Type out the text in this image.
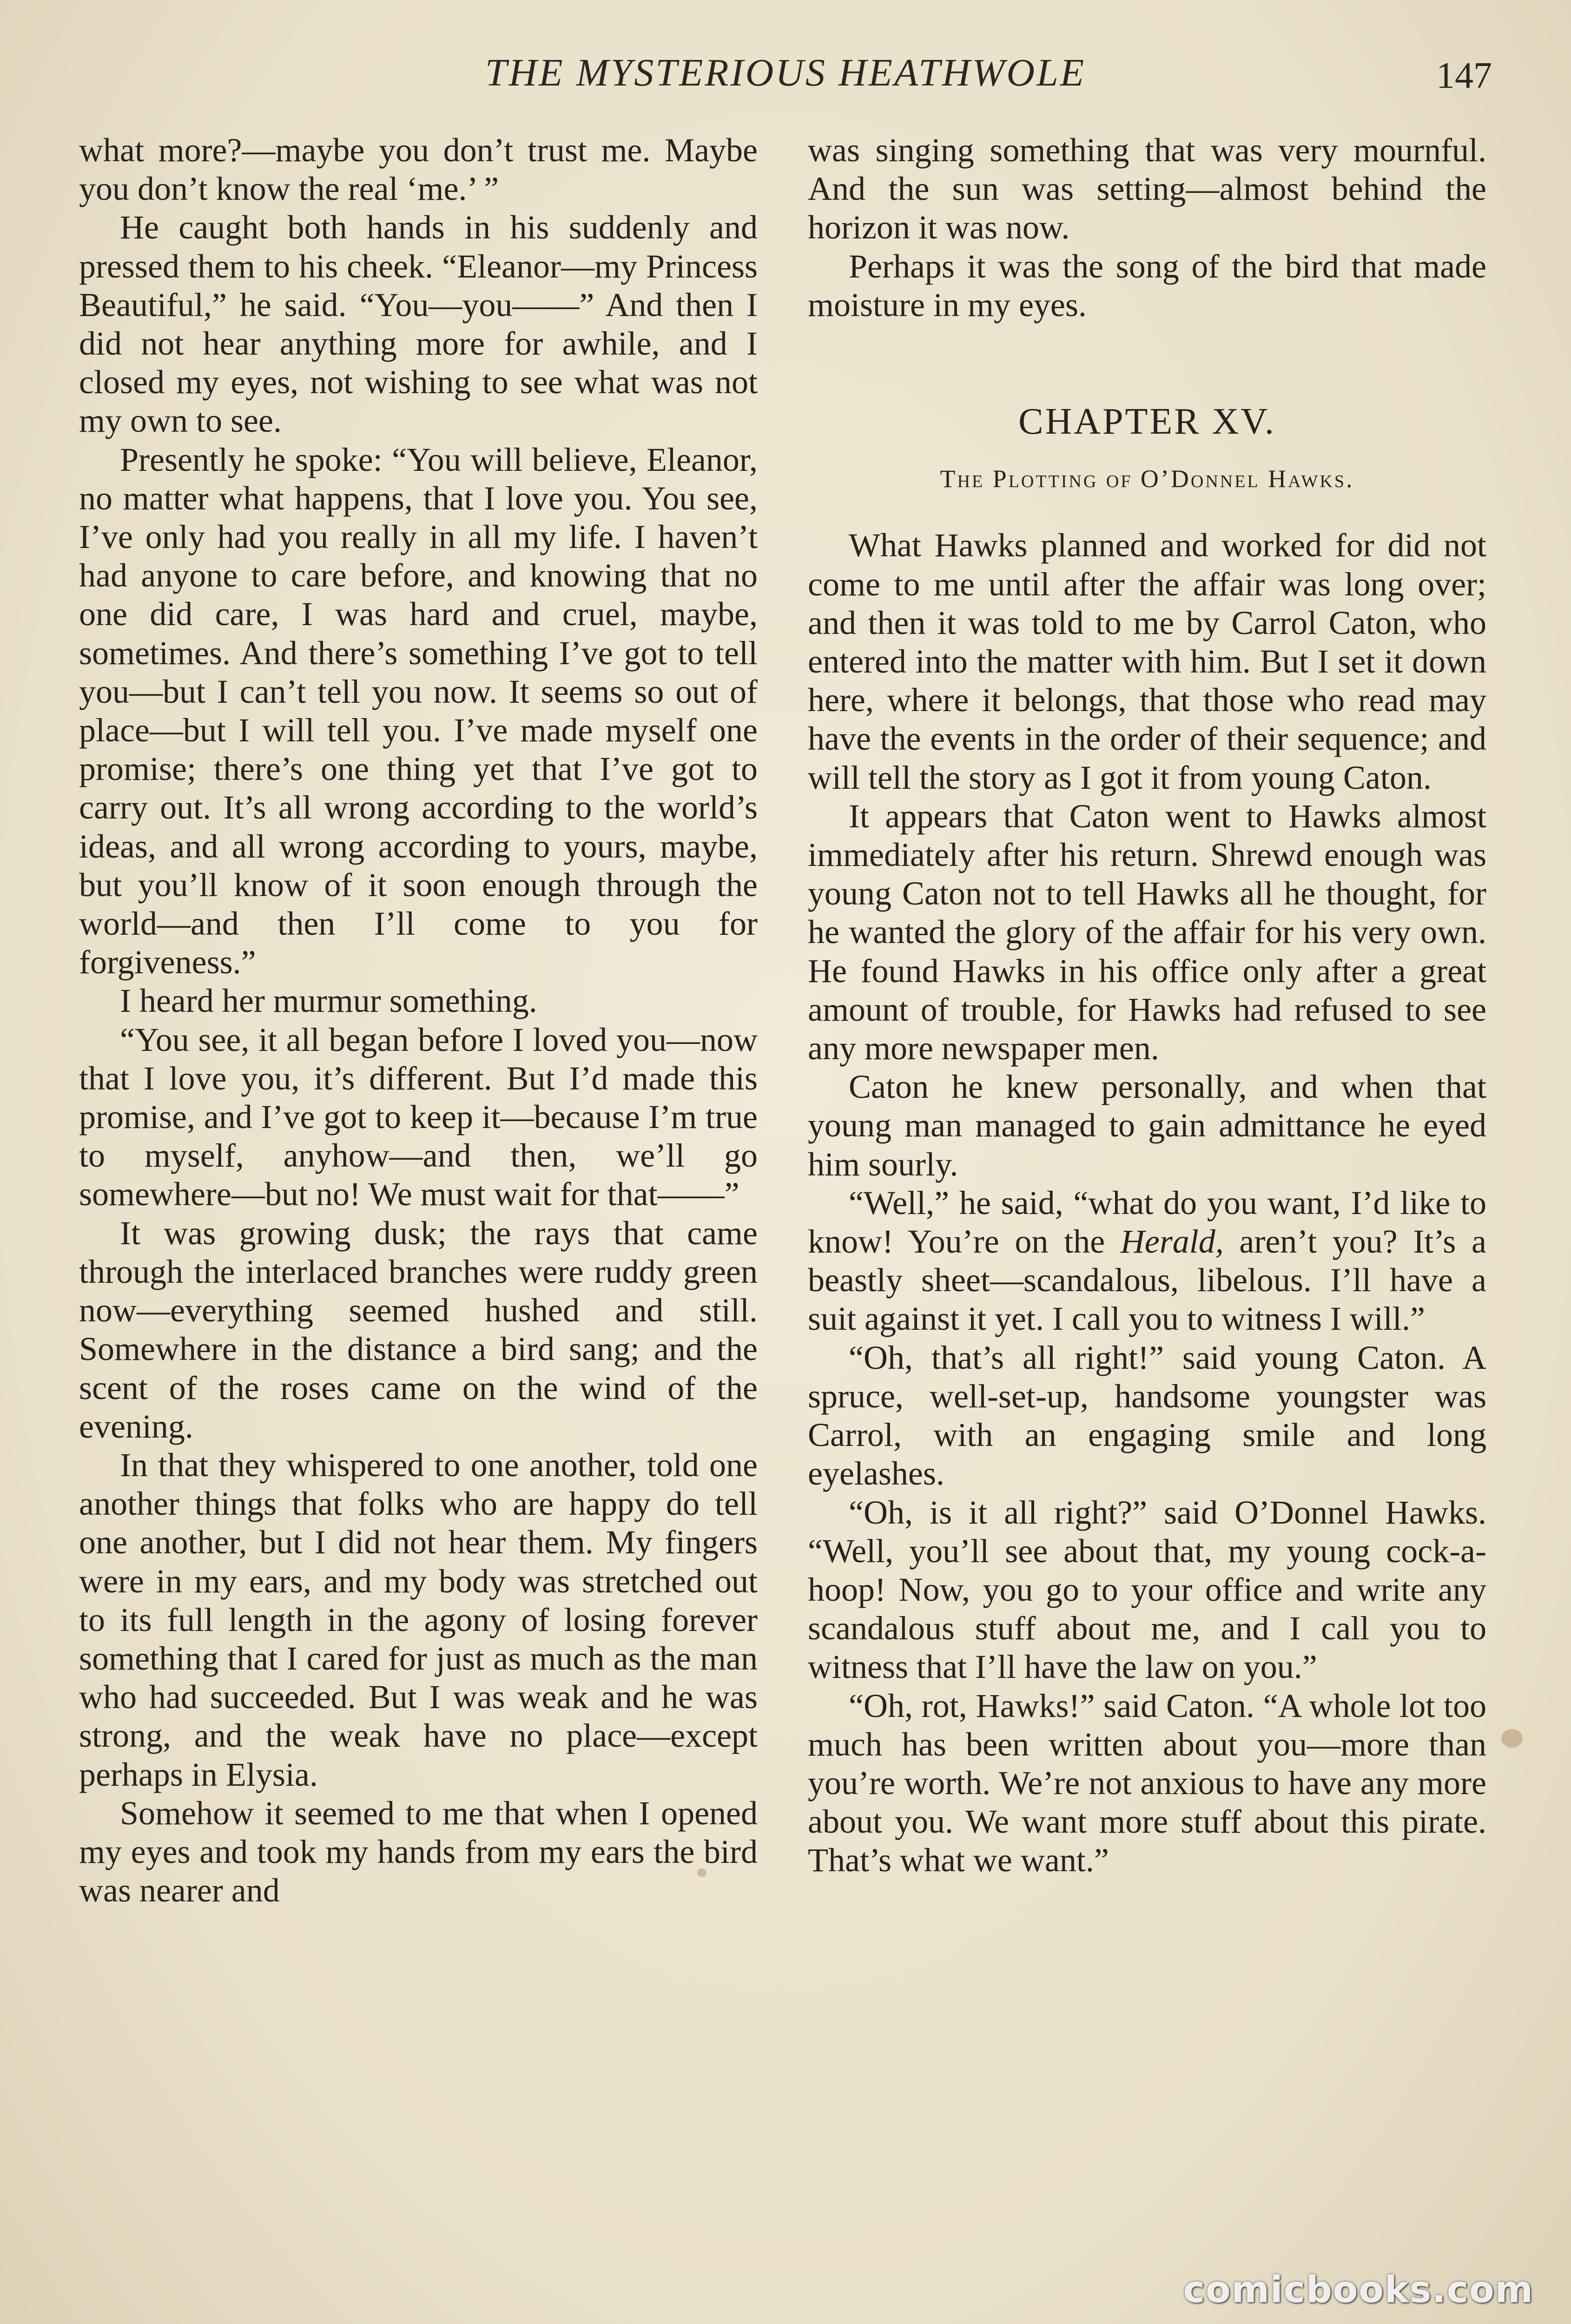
THE MYSTERIOUS HEATHWOLE	147

what more?—maybe you don’t trust me. Maybe you don’t know the real ‘me.’ ”

He caught both hands in his suddenly and pressed them to his cheek. “Eleanor—my Princess Beautiful,” he said. “You—you——” And then I did not hear anything more for awhile, and I closed my eyes, not wishing to see what was not my own to see.

Presently he spoke: “You will believe, Eleanor, no matter what happens, that I love you. You see, I’ve only had you really in all my life. I haven’t had anyone to care before, and knowing that no one did care, I was hard and cruel, maybe, sometimes. And there’s something I’ve got to tell you—but I can’t tell you now. It seems so out of place—but I will tell you. I’ve made myself one promise; there’s one thing yet that I’ve got to carry out. It’s all wrong according to the world’s ideas, and all wrong according to yours, maybe, but you’ll know of it soon enough through the world—and then I’ll come to you for forgiveness.”

I heard her murmur something.

“You see, it all began before I loved you—now that I love you, it’s different. But I’d made this promise, and I’ve got to keep it—because I’m true to myself, anyhow—and then, we’ll go somewhere—but no! We must wait for that——”

It was growing dusk; the rays that came through the interlaced branches were ruddy green now—everything seemed hushed and still. Somewhere in the distance a bird sang; and the scent of the roses came on the wind of the evening.

In that they whispered to one another, told one another things that folks who are happy do tell one another, but I did not hear them. My fingers were in my ears, and my body was stretched out to its full length in the agony of losing forever something that I cared for just as much as the man who had succeeded. But I was weak and he was strong, and the weak have no place—except perhaps in Elysia.

Somehow it seemed to me that when I opened my eyes and took my hands from my ears the bird was nearer and

was singing something that was very mournful. And the sun was setting—almost behind the horizon it was now.

Perhaps it was the song of the bird that made moisture in my eyes.

CHAPTER XV.
The Plotting of O’Donnel Hawks.

What Hawks planned and worked for did not come to me until after the affair was long over; and then it was told to me by Carrol Caton, who entered into the matter with him. But I set it down here, where it belongs, that those who read may have the events in the order of their sequence; and will tell the story as I got it from young Caton.

It appears that Caton went to Hawks almost immediately after his return. Shrewd enough was young Caton not to tell Hawks all he thought, for he wanted the glory of the affair for his very own. He found Hawks in his office only after a great amount of trouble, for Hawks had refused to see any more newspaper men.

Caton he knew personally, and when that young man managed to gain admittance he eyed him sourly.

“Well,” he said, “what do you want, I’d like to know! You’re on the Herald, aren’t you? It’s a beastly sheet—scandalous, libelous. I’ll have a suit against it yet. I call you to witness I will.”

“Oh, that’s all right!” said young Caton. A spruce, well-set-up, handsome youngster was Carrol, with an engaging smile and long eyelashes.

“Oh, is it all right?” said O’Donnel Hawks. “Well, you’ll see about that, my young cock-a-hoop! Now, you go to your office and write any scandalous stuff about me, and I call you to witness that I’ll have the law on you.”

“Oh, rot, Hawks!” said Caton. “A whole lot too much has been written about you—more than you’re worth. We’re not anxious to have any more about you. We want more stuff about this pirate. That’s what we want.”

comicbooks.com
